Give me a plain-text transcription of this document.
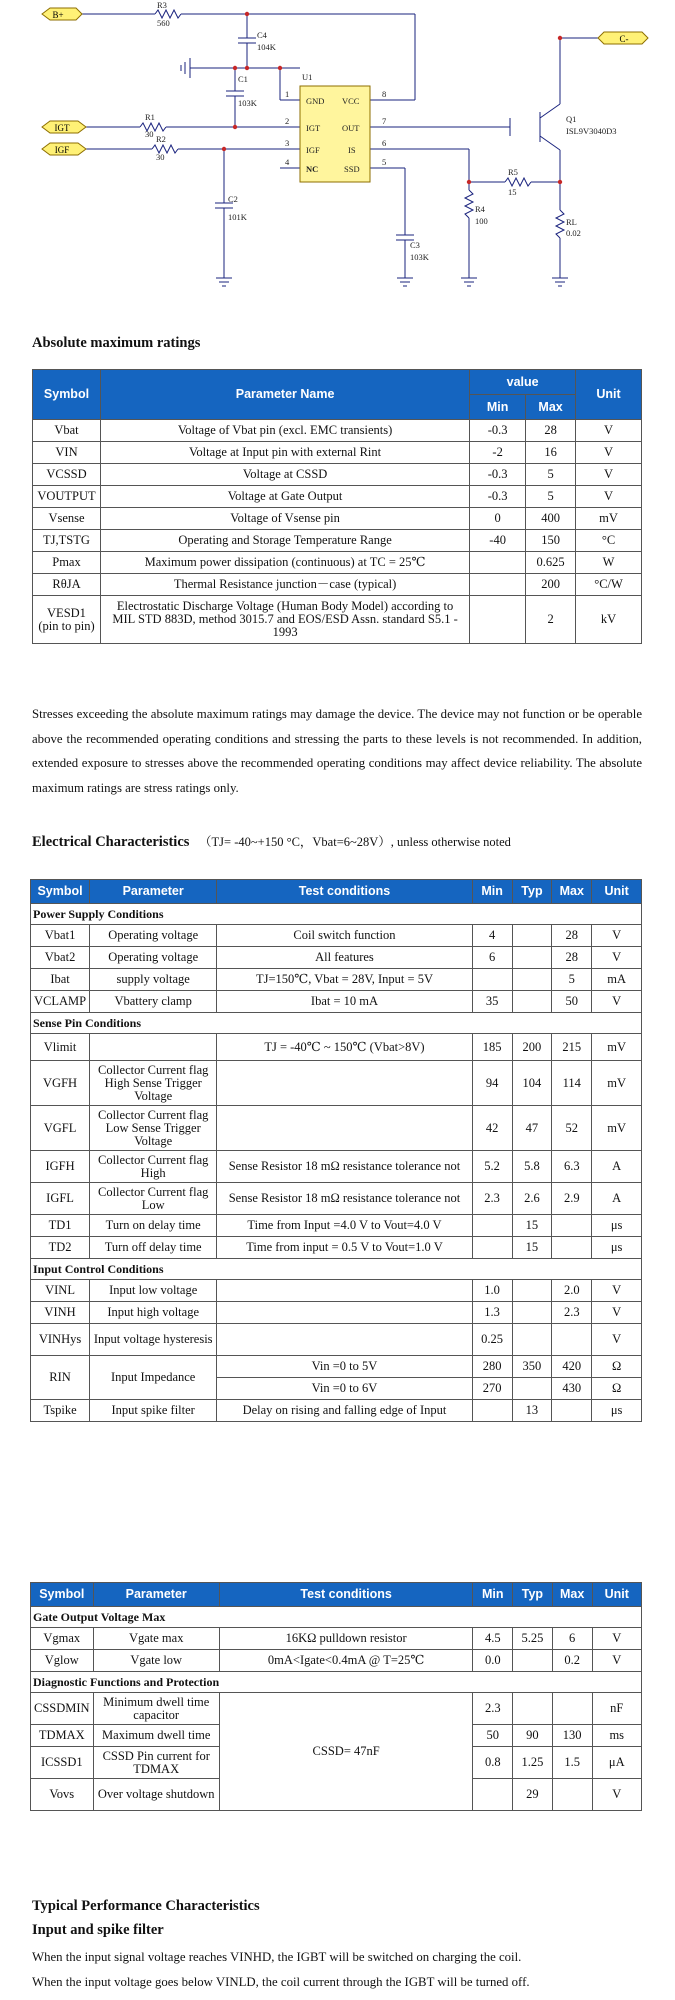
B+
IGT
IGF
C-
R3
560
C4
104K
C1
103K
R1
30 R2
30
C2
101K
U1
GND
IGT
IGF
NC
VCC
OUT
IS
SSD
1
2
3
4	5
6
7
8
Q1
ISL9V3040D3
R5
15
R4
100
C3
103K
RL
0.02
Absolute maximum ratings
Symbol	Parameter Name	value		Unit
		Min	Max	
Vbat	Voltage of Vbat pin (excl. EMC transients)	-0.3	28	V
VIN	Voltage at Input pin with external Rint	-2	16	V
VCSSD	Voltage at CSSD	-0.3	5	V
VOUTPUT	Voltage at Gate Output	-0.3	5	V
Vsense	Voltage of Vsense pin	0	400	mV
TJ,TSTG	Operating and Storage Temperature Range	-40	150	°C
Pmax	Maximum power dissipation (continuous) at TC = 25℃		0.625	W
RθJA	Thermal Resistance junction－case (typical)		200	°C/W
VESD1 (pin to pin)	Electrostatic Discharge Voltage (Human Body Model) according to MIL STD 883D, method 3015.7 and EOS/ESD Assn. standard S5.1 - 1993		2	kV
Stresses exceeding the absolute maximum ratings may damage the device. The device may not function or be operable above the recommended operating conditions and stressing the parts to these levels is not recommended. In addition, extended exposure to stresses above the recommended operating conditions may affect device reliability. The absolute maximum ratings are stress ratings only.
Electrical Characteristics （TJ= -40~+150 °C，Vbat=6~28V）, unless otherwise noted
Symbol	Parameter	Test conditions	Min	Typ	Max	Unit
Power Supply Conditions						
Vbat1	Operating voltage	Coil switch function	4		28	V
Vbat2	Operating voltage	All features	6		28	V
Ibat	supply voltage	TJ=150℃, Vbat = 28V, Input = 5V			5	mA
VCLAMP	Vbattery clamp	Ibat = 10 mA	35		50	V
Sense Pin Conditions						
Vlimit		TJ = -40℃ ~ 150℃ (Vbat>8V)	185	200	215	mV
VGFH	Collector Current flag High Sense Trigger Voltage		94	104	114	mV
VGFL	Collector Current flag Low Sense Trigger Voltage		42	47	52	mV
IGFH	Collector Current flag High	Sense Resistor 18 mΩ resistance tolerance not	5.2	5.8	6.3	A
IGFL	Collector Current flag Low	Sense Resistor 18 mΩ resistance tolerance not	2.3	2.6	2.9	A
TD1	Turn on delay time	Time from Input =4.0 V to Vout=4.0 V		15		μs
TD2	Turn off delay time	Time from input = 0.5 V to Vout=1.0 V		15		μs
Input Control Conditions						
VINL	Input low voltage		1.0		2.0	V
VINH	Input high voltage		1.3		2.3	V
VINHys	Input voltage hysteresis		0.25			V
RIN	Input Impedance	Vin =0 to 5V	280	350	420	Ω
		Vin =0 to 6V	270		430	Ω
Tspike	Input spike filter	Delay on rising and falling edge of Input		13		μs
Symbol	Parameter	Test conditions	Min	Typ	Max	Unit
Gate Output Voltage Max						
Vgmax	Vgate max	16KΩ pulldown resistor	4.5	5.25	6	V
Vglow	Vgate low	0mA<Igate<0.4mA @ T=25℃	0.0		0.2	V
Diagnostic Functions and Protection						
CSSDMIN	Minimum dwell time capacitor	CSSD= 47nF	2.3			nF
TDMAX	Maximum dwell time		50	90	130	ms
ICSSD1	CSSD Pin current for TDMAX		0.8	1.25	1.5	μA
Vovs	Over voltage shutdown			29		V
Typical Performance Characteristics
Input and spike filter
When the input signal voltage reaches VINHD, the IGBT will be switched on charging the coil.
When the input voltage goes below VINLD, the coil current through the IGBT will be turned off.
